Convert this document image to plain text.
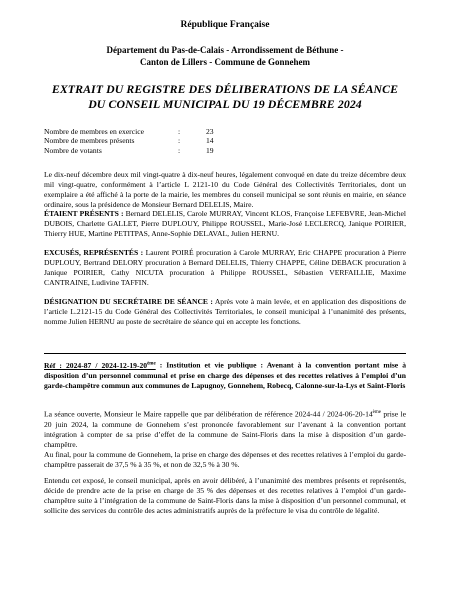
République Française
Département du Pas-de-Calais - Arrondissement de Béthune -
Canton de Lillers - Commune de Gonnehem
EXTRAIT DU REGISTRE DES DÉLIBERATIONS DE LA SÉANCE
DU CONSEIL MUNICIPAL DU 19 DÉCEMBRE 2024
Nombre de membres en exercice	:	23
Nombre de membres présents	:	14
Nombre de votants	:	19
Le dix-neuf décembre deux mil vingt-quatre à dix-neuf heures, légalement convoqué en date du treize décembre deux mil vingt-quatre, conformément à l’article L 2121-10 du Code Général des Collectivités Territoriales, dont un exemplaire a été affiché à la porte de la mairie, les membres du conseil municipal se sont réunis en mairie, en séance ordinaire, sous la présidence de Monsieur Bernard DELELIS, Maire.
ÉTAIENT PRÉSENTS : Bernard DELELIS, Carole MURRAY, Vincent KLOS, Françoise LEFEBVRE, Jean-Michel DUBOIS, Charlette GALLET, Pierre DUPLOUY, Philippe ROUSSEL, Marie-José LECLERCQ, Janique POIRIER, Thierry HUE, Martine PETITPAS, Anne-Sophie DELAVAL, Julien HERNU.
EXCUSÉS, REPRÉSENTÉS : Laurent POIRÉ procuration à Carole MURRAY, Eric CHAPPE procuration à Pierre DUPLOUY, Bertrand DELORY procuration à Bernard DELELIS, Thierry CHAPPE, Céline DEBACK procuration à Janique POIRIER, Cathy NICUTA procuration à Philippe ROUSSEL, Sébastien VERFAILLIE, Maxime CANTRAINE, Ludivine TAFFIN.
DÉSIGNATION DU SECRÉTAIRE DE SÉANCE : Après vote à main levée, et en application des dispositions de l’article L.2121-15 du Code Général des Collectivités Territoriales, le conseil municipal à l’unanimité des présents, nomme Julien HERNU au poste de secrétaire de séance qui en accepte les fonctions.
Réf : 2024-87 / 2024-12-19-20ème : Institution et vie publique : Avenant à la convention portant mise à disposition d’un personnel communal et prise en charge des dépenses et des recettes relatives à l’emploi d’un garde-champêtre commun aux communes de Lapugnoy, Gonnehem, Robecq, Calonne-sur-la-Lys et Saint-Floris
La séance ouverte, Monsieur le Maire rappelle que par délibération de référence 2024-44 / 2024-06-20-14ème prise le 20 juin 2024, la commune de Gonnehem s’est prononcée favorablement sur l’avenant à la convention portant intégration à compter de sa prise d’effet de la commune de Saint-Floris dans la mise à disposition d’un garde-champêtre.
Au final, pour la commune de Gonnehem, la prise en charge des dépenses et des recettes relatives à l’emploi du garde-champêtre passerait de 37,5 % à 35 %, et non de 32,5 % à 30 %.
Entendu cet exposé, le conseil municipal, après en avoir délibéré, à l’unanimité des membres présents et représentés, décide de prendre acte de la prise en charge de 35 % des dépenses et des recettes relatives à l’emploi d’un garde-champêtre suite à l’intégration de la commune de Saint-Floris dans la mise à disposition d’un personnel communal, et sollicite des services du contrôle des actes administratifs auprès de la préfecture le visa du contrôle de légalité.
